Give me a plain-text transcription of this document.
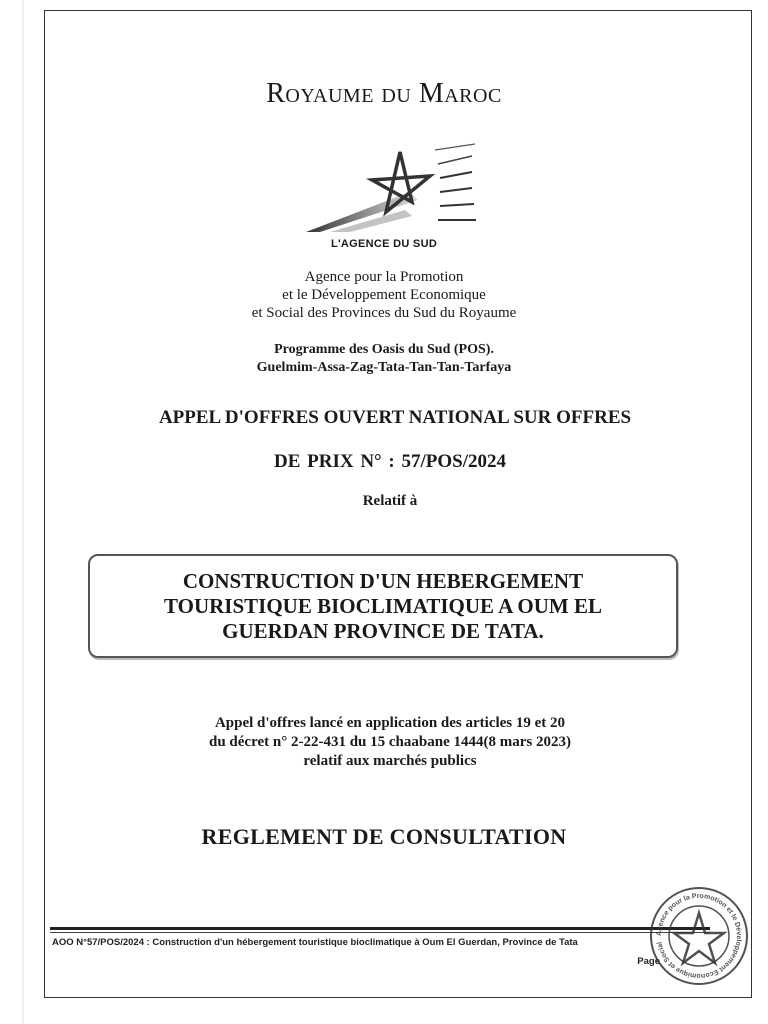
Royaume du Maroc
L'AGENCE DU SUD
Agence pour la Promotion
et le Développement Economique
et Social des Provinces du Sud du Royaume
Programme des Oasis du Sud (POS).
Guelmim-Assa-Zag-Tata-Tan-Tan-Tarfaya
APPEL D'OFFRES OUVERT NATIONAL SUR OFFRES
DE PRIX N° : 57/POS/2024
Relatif à
CONSTRUCTION D'UN HEBERGEMENT
TOURISTIQUE BIOCLIMATIQUE A OUM EL
GUERDAN PROVINCE DE TATA.
Appel d'offres lancé en application des articles 19 et 20
du décret n° 2-22-431 du 15 chaabane 1444(8 mars 2023)
relatif aux marchés publics
REGLEMENT DE CONSULTATION
AOO N°57/POS/2024 : Construction d'un hébergement touristique bioclimatique à Oum El Guerdan, Province de Tata
Page
Agence pour la Promotion et le Développement Economique et Social
